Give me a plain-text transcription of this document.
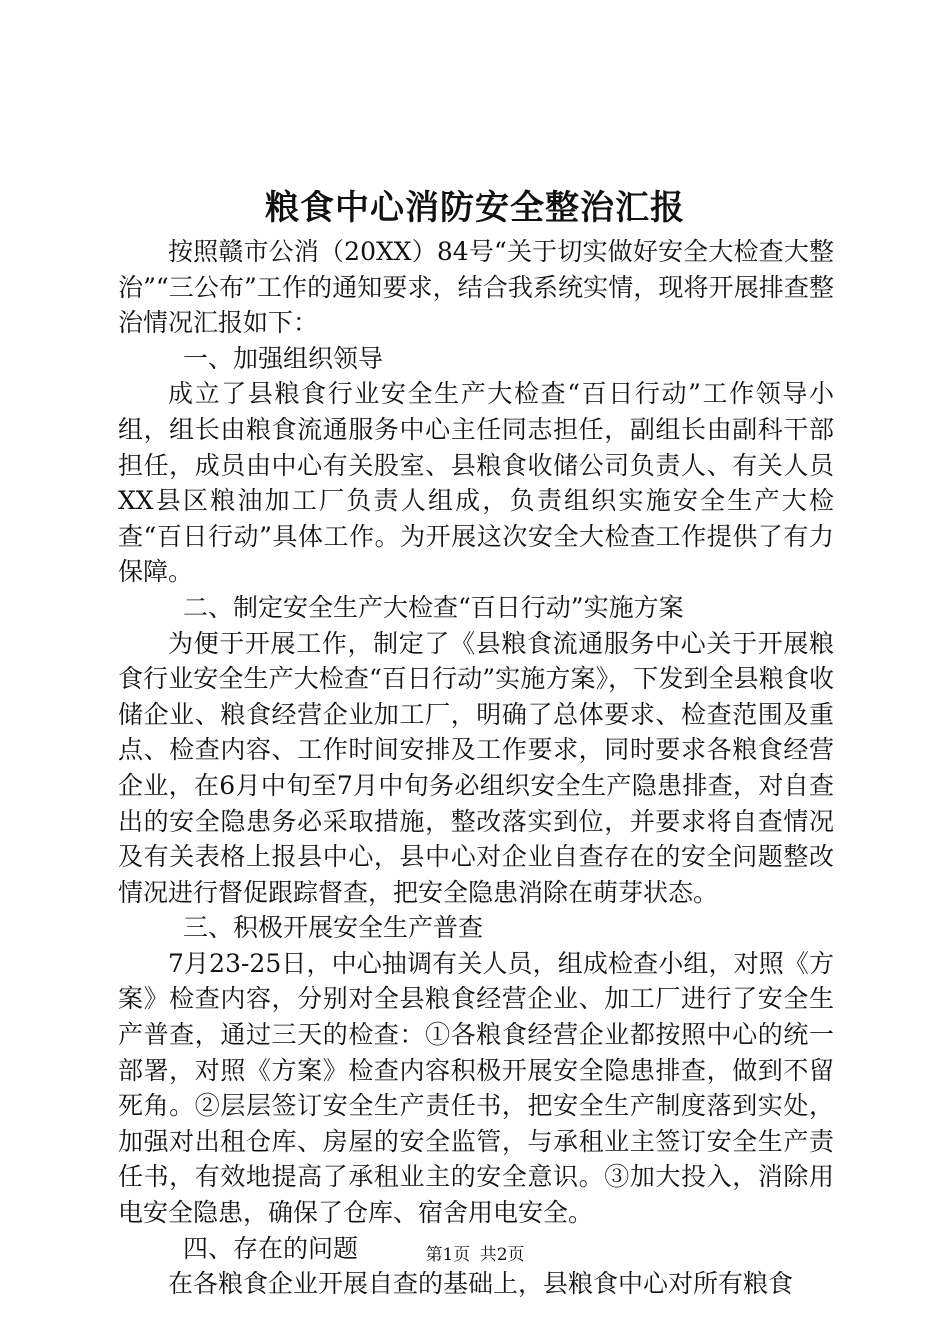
粮食中心消防安全整治汇报

按照赣市公消（20XX）84号“关于切实做好安全大检查大整治”“三公布”工作的通知要求，结合我系统实情，现将开展排查整治情况汇报如下：

一、加强组织领导

成立了县粮食行业安全生产大检查“百日行动”工作领导小组，组长由粮食流通服务中心主任同志担任，副组长由副科干部担任，成员由中心有关股室、县粮食收储公司负责人、有关人员XX县区粮油加工厂负责人组成，负责组织实施安全生产大检查“百日行动”具体工作。为开展这次安全大检查工作提供了有力保障。

二、制定安全生产大检查“百日行动”实施方案

为便于开展工作，制定了《县粮食流通服务中心关于开展粮食行业安全生产大检查“百日行动”实施方案》，下发到全县粮食收储企业、粮食经营企业加工厂，明确了总体要求、检查范围及重点、检查内容、工作时间安排及工作要求，同时要求各粮食经营企业，在6月中旬至7月中旬务必组织安全生产隐患排查，对自查出的安全隐患务必采取措施，整改落实到位，并要求将自查情况及有关表格上报县中心，县中心对企业自查存在的安全问题整改情况进行督促跟踪督查，把安全隐患消除在萌芽状态。

三、积极开展安全生产普查

7月23-25日，中心抽调有关人员，组成检查小组，对照《方案》检查内容，分别对全县粮食经营企业、加工厂进行了安全生产普查，通过三天的检查：①各粮食经营企业都按照中心的统一部署，对照《方案》检查内容积极开展安全隐患排查，做到不留死角。②层层签订安全生产责任书，把安全生产制度落到实处，加强对出租仓库、房屋的安全监管，与承租业主签订安全生产责任书，有效地提高了承租业主的安全意识。③加大投入，消除用电安全隐患，确保了仓库、宿舍用电安全。

四、存在的问题

在各粮食企业开展自查的基础上，县粮食中心对所有粮食

第1页 共2页
